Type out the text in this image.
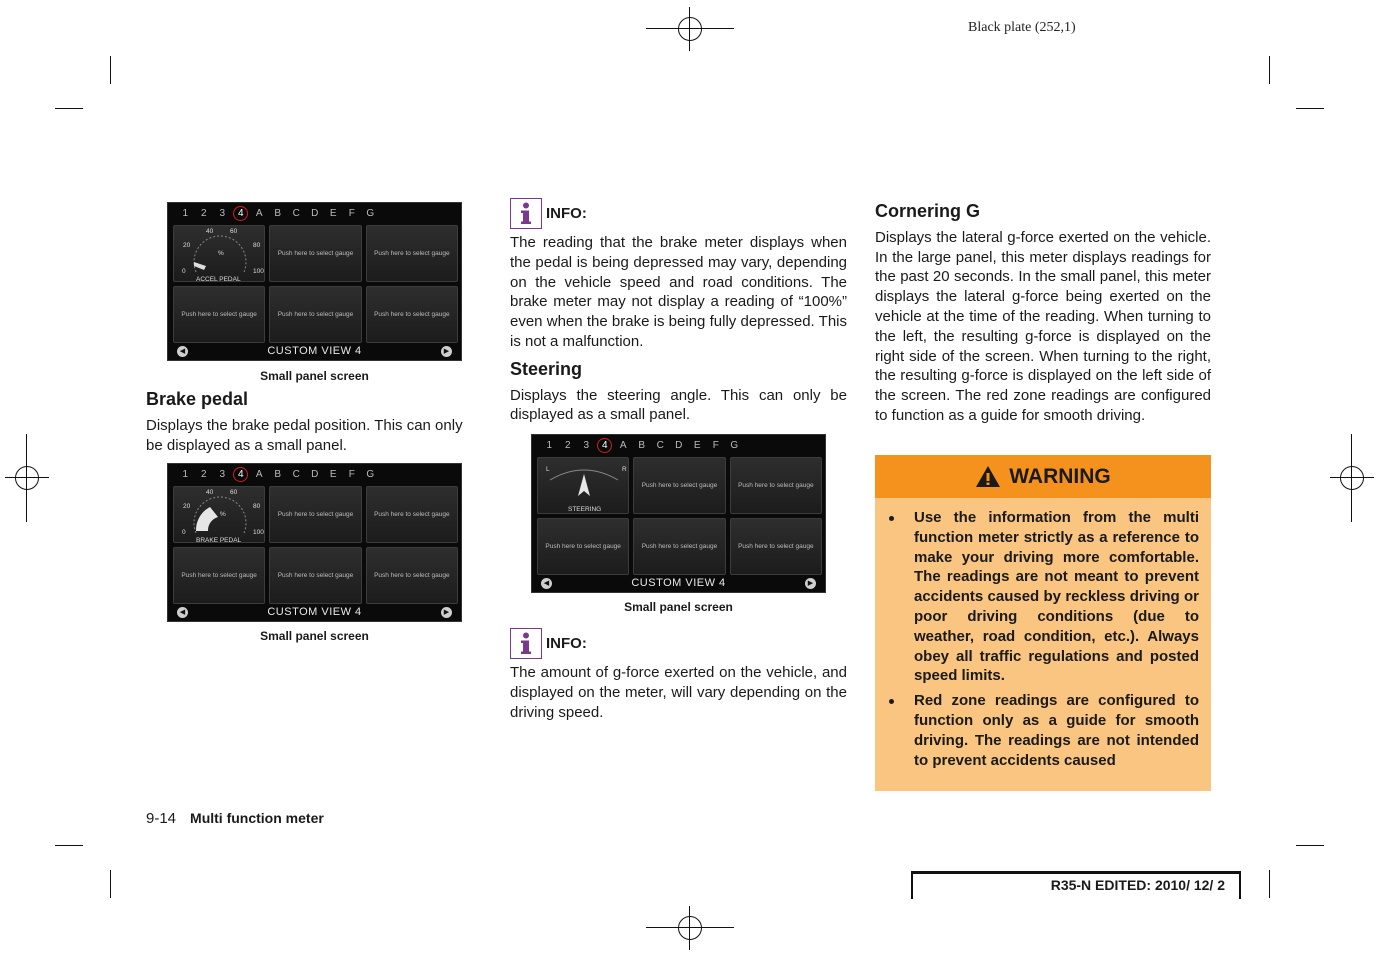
Black plate (252,1)
1	2	3	4	A	B	C	D	E	F	G
40	60
20	80
0	100
%
ACCEL PEDAL
Push here to select gauge	Push here to select gauge
Push here to select gauge	Push here to select gauge	Push here to select gauge
CUSTOM VIEW 4
◀	▶
Small panel screen
Brake pedal

Displays the brake pedal position. This can only be displayed as a small panel.

1	2	3	4	A	B	C	D	E	F	G
40	60
20	80
0	100
%
BRAKE PEDAL
Push here to select gauge	Push here to select gauge
Push here to select gauge	Push here to select gauge	Push here to select gauge
CUSTOM VIEW 4
◀	▶
Small panel screen
INFO:

The reading that the brake meter displays when the pedal is being depressed may vary, depending on the vehicle speed and road conditions. The brake meter may not display a reading of “100%” even when the brake is being fully depressed. This is not a malfunction.

Steering

Displays the steering angle. This can only be displayed as a small panel.

1	2	3	4	A	B	C	D	E	F	G
L	R
STEERING
Push here to select gauge	Push here to select gauge
Push here to select gauge	Push here to select gauge	Push here to select gauge
CUSTOM VIEW 4
◀	▶
Small panel screen
INFO:

The amount of g-force exerted on the vehicle, and displayed on the meter, will vary depending on the driving speed.

Cornering G

Displays the lateral g-force exerted on the vehicle. In the large panel, this meter displays readings for the past 20 seconds. In the small panel, this meter displays the lateral g-force being exerted on the vehicle at the time of the reading. When turning to the left, the resulting g-force is displayed on the right side of the screen. When turning to the right, the resulting g-force is displayed on the left side of the screen. The red zone readings are configured to function as a guide for smooth driving.

WARNING
Use the information from the multi function meter strictly as a reference to make your driving more comfortable. The readings are not meant to prevent accidents caused by reckless driving or poor driving conditions (due to weather, road condition, etc.). Always obey all traffic regulations and posted speed limits.
Red zone readings are configured to function only as a guide for smooth driving. The readings are not intended to prevent accidents caused
9-14 Multi function meter
R35-N EDITED: 2010/ 12/ 2
